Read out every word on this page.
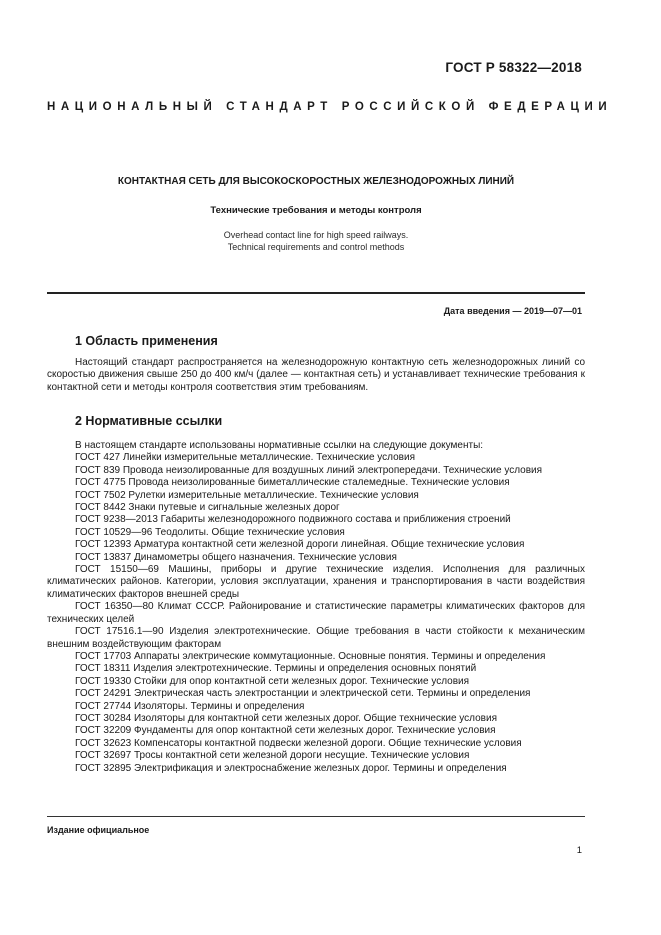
ГОСТ Р 58322—2018
НАЦИОНАЛЬНЫЙ СТАНДАРТ РОССИЙСКОЙ ФЕДЕРАЦИИ
КОНТАКТНАЯ СЕТЬ ДЛЯ ВЫСОКОСКОРОСТНЫХ ЖЕЛЕЗНОДОРОЖНЫХ ЛИНИЙ
Технические требования и методы контроля
Overhead contact line for high speed railways.
Technical requirements and control methods
Дата введения — 2019—07—01
1 Область применения

Настоящий стандарт распространяется на железнодорожную контактную сеть железнодорожных линий со скоростью движения свыше 250 до 400 км/ч (далее — контактная сеть) и устанавливает технические требования к контактной сети и методы контроля соответствия этим требованиям.

2 Нормативные ссылки

В настоящем стандарте использованы нормативные ссылки на следующие документы:

ГОСТ 427 Линейки измерительные металлические. Технические условия

ГОСТ 839 Провода неизолированные для воздушных линий электропередачи. Технические условия

ГОСТ 4775 Провода неизолированные биметаллические сталемедные. Технические условия

ГОСТ 7502 Рулетки измерительные металлические. Технические условия

ГОСТ 8442 Знаки путевые и сигнальные железных дорог

ГОСТ 9238—2013 Габариты железнодорожного подвижного состава и приближения строений

ГОСТ 10529—96 Теодолиты. Общие технические условия

ГОСТ 12393 Арматура контактной сети железной дороги линейная. Общие технические условия

ГОСТ 13837 Динамометры общего назначения. Технические условия

ГОСТ 15150—69 Машины, приборы и другие технические изделия. Исполнения для различных климатических районов. Категории, условия эксплуатации, хранения и транспортирования в части воздействия климатических факторов внешней среды

ГОСТ 16350—80 Климат СССР. Районирование и статистические параметры климатических факторов для технических целей

ГОСТ 17516.1—90 Изделия электротехнические. Общие требования в части стойкости к механическим внешним воздействующим факторам

ГОСТ 17703 Аппараты электрические коммутационные. Основные понятия. Термины и определения

ГОСТ 18311 Изделия электротехнические. Термины и определения основных понятий

ГОСТ 19330 Стойки для опор контактной сети железных дорог. Технические условия

ГОСТ 24291 Электрическая часть электростанции и электрической сети. Термины и определения

ГОСТ 27744 Изоляторы. Термины и определения

ГОСТ 30284 Изоляторы для контактной сети железных дорог. Общие технические условия

ГОСТ 32209 Фундаменты для опор контактной сети железных дорог. Технические условия

ГОСТ 32623 Компенсаторы контактной подвески железной дороги. Общие технические условия

ГОСТ 32697 Тросы контактной сети железной дороги несущие. Технические условия

ГОСТ 32895 Электрификация и электроснабжение железных дорог. Термины и определения

Издание официальное
1
